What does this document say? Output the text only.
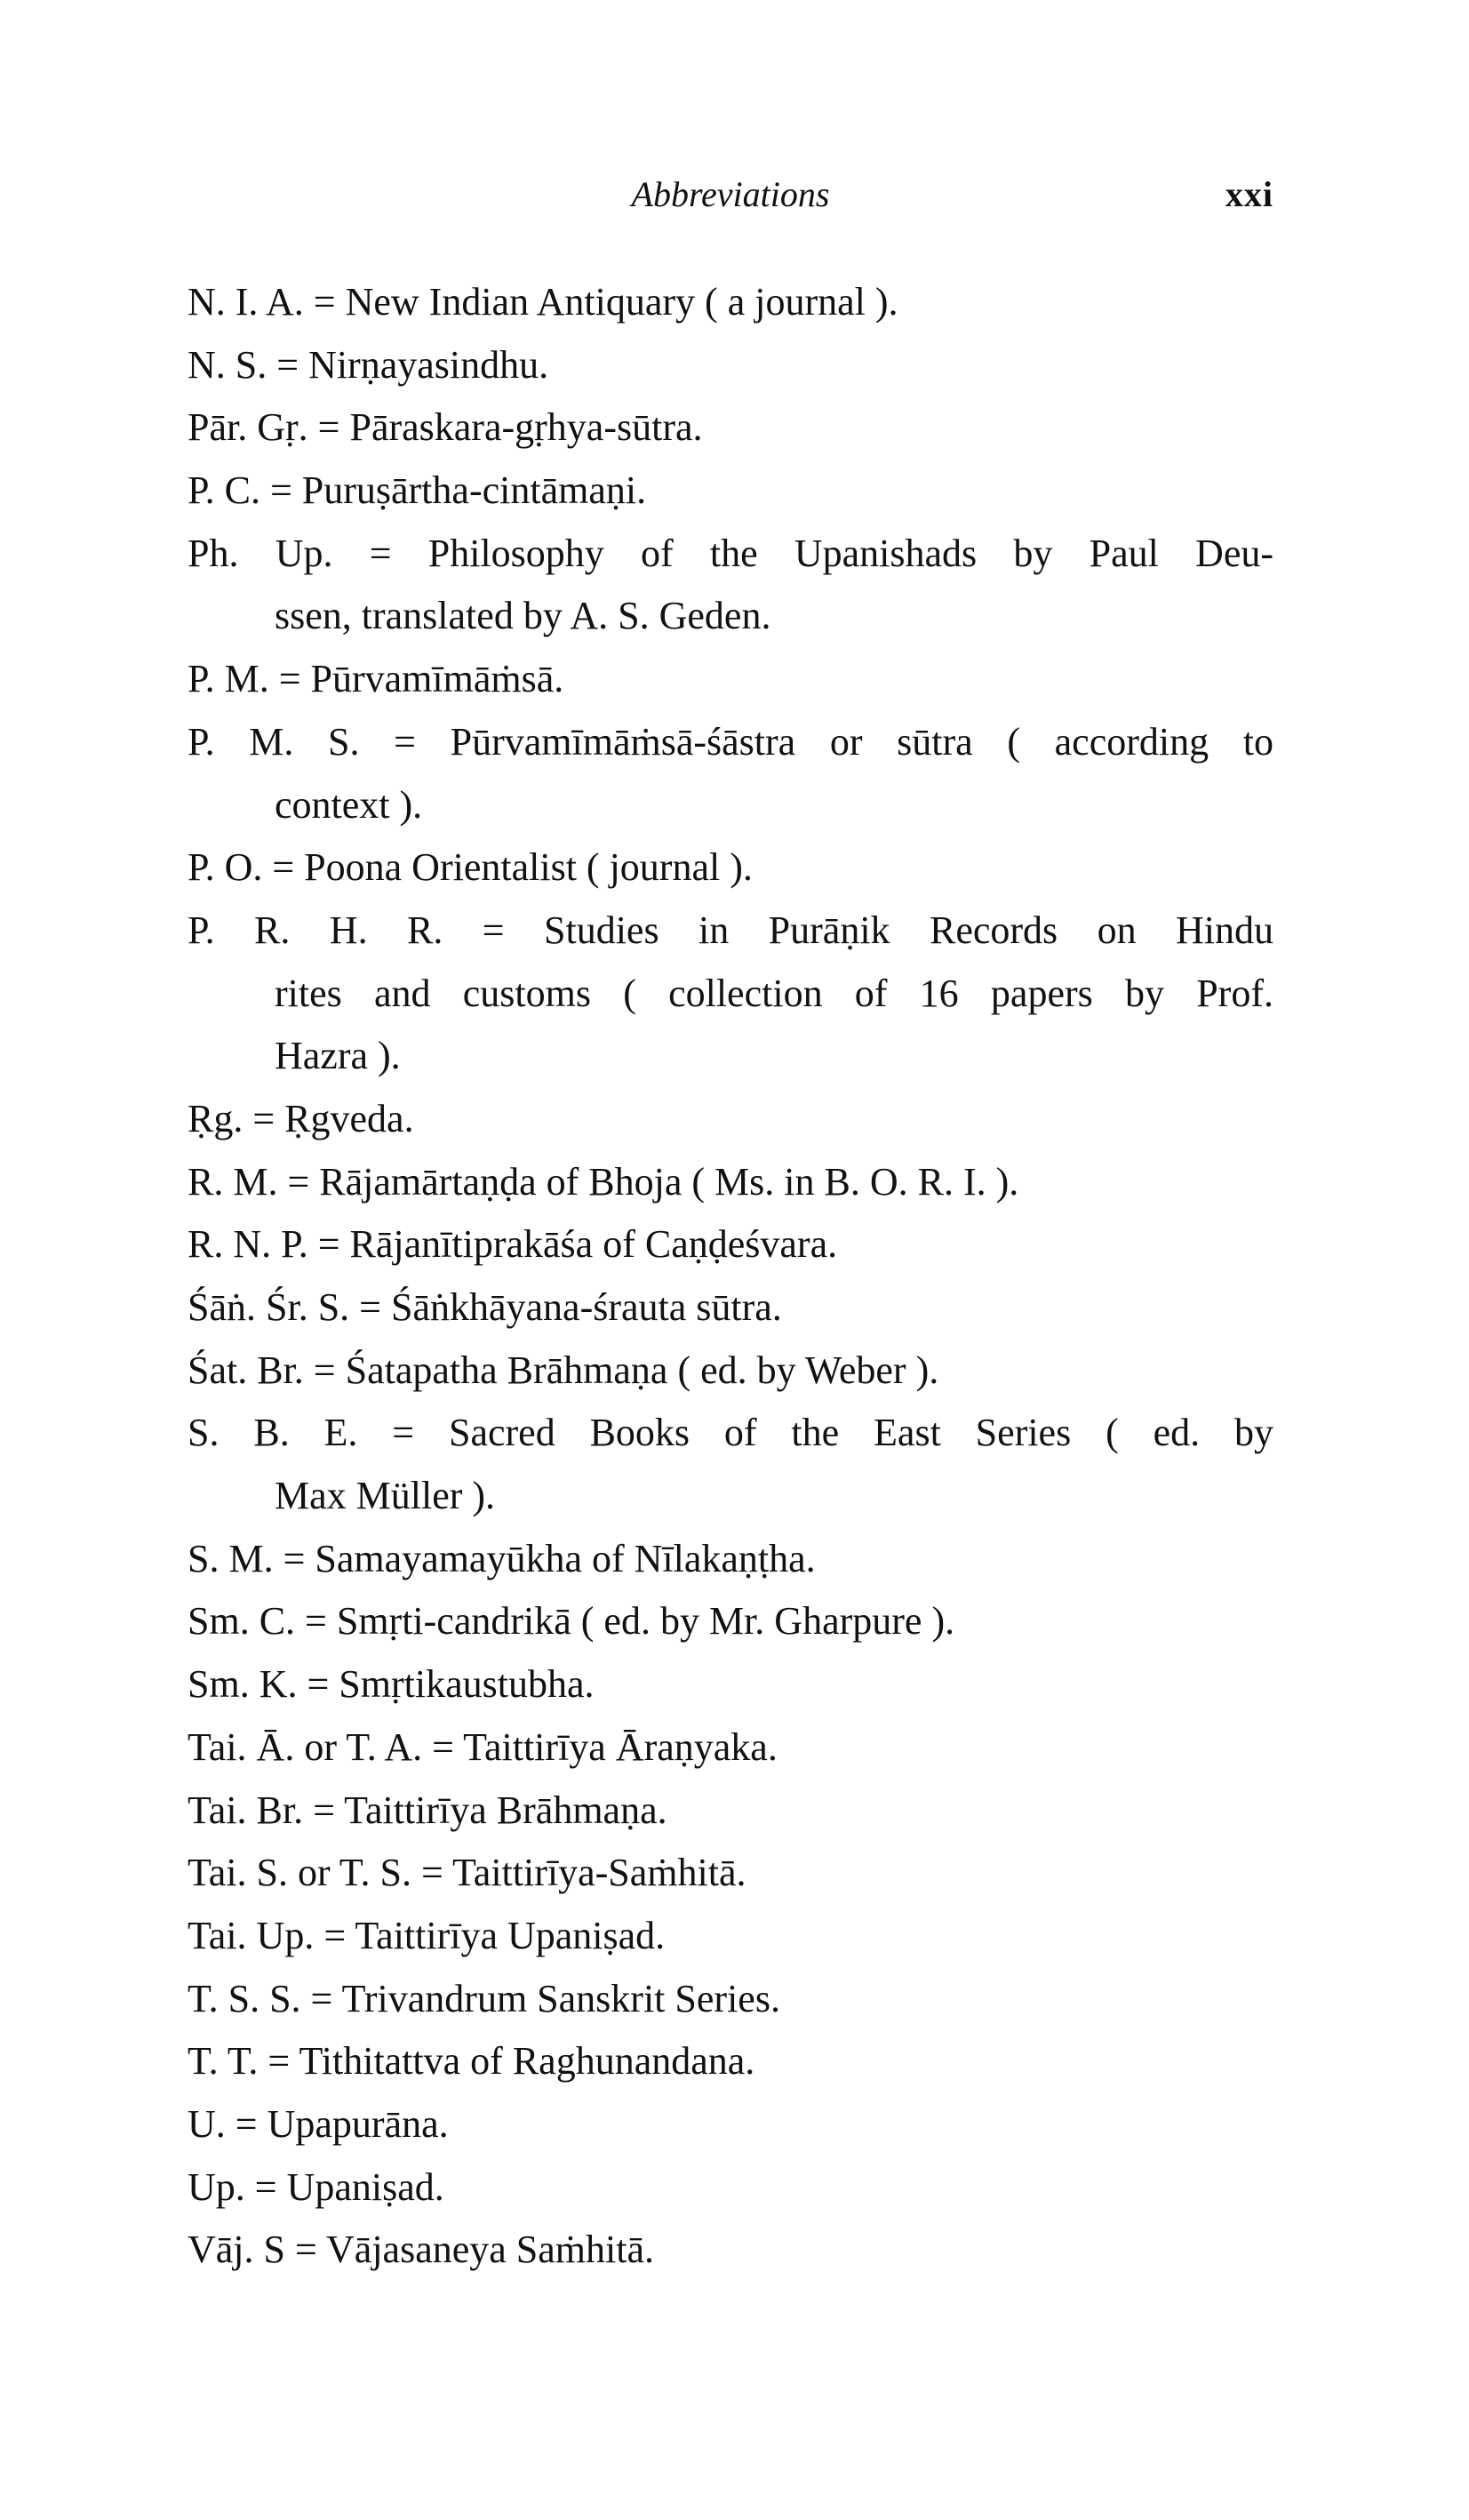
Abbreviations	xxi
N. I. A. = New Indian Antiquary ( a journal ).
N. S. = Nirṇayasindhu.
Pār. Gṛ. = Pāraskara-gṛhya-sūtra.
P. C. = Puruṣārtha-cintāmaṇi.
Ph. Up. = Philosophy of the Upanishads by Paul Deu-
ssen, translated by A. S. Geden.
P. M. = Pūrvamīmāṁsā.
P. M. S. = Pūrvamīmāṁsā-śāstra or sūtra ( according to
context ).
P. O. = Poona Orientalist ( journal ).
P. R. H. R. = Studies in Purāṇik Records on Hindu
rites and customs ( collection of 16 papers by Prof.
Hazra ).
Ṛg. = Ṛgveda.
R. M. = Rājamārtaṇḍa of Bhoja ( Ms. in B. O. R. I. ).
R. N. P. = Rājanītiprakāśa of Caṇḍeśvara.
Śāṅ. Śr. S. = Śāṅkhāyana-śrauta sūtra.
Śat. Br. = Śatapatha Brāhmaṇa ( ed. by Weber ).
S. B. E. = Sacred Books of the East Series ( ed. by
Max Müller ).
S. M. = Samayamayūkha of Nīlakaṇṭha.
Sm. C. = Smṛti-candrikā ( ed. by Mr. Gharpure ).
Sm. K. = Smṛtikaustubha.
Tai. Ā. or T. A. = Taittirīya Āraṇyaka.
Tai. Br. = Taittirīya Brāhmaṇa.
Tai. S. or T. S. = Taittirīya-Saṁhitā.
Tai. Up. = Taittirīya Upaniṣad.
T. S. S. = Trivandrum Sanskrit Series.
T. T. = Tithitattva of Raghunandana.
U. = Upapurāna.
Up. = Upaniṣad.
Vāj. S = Vājasaneya Saṁhitā.
